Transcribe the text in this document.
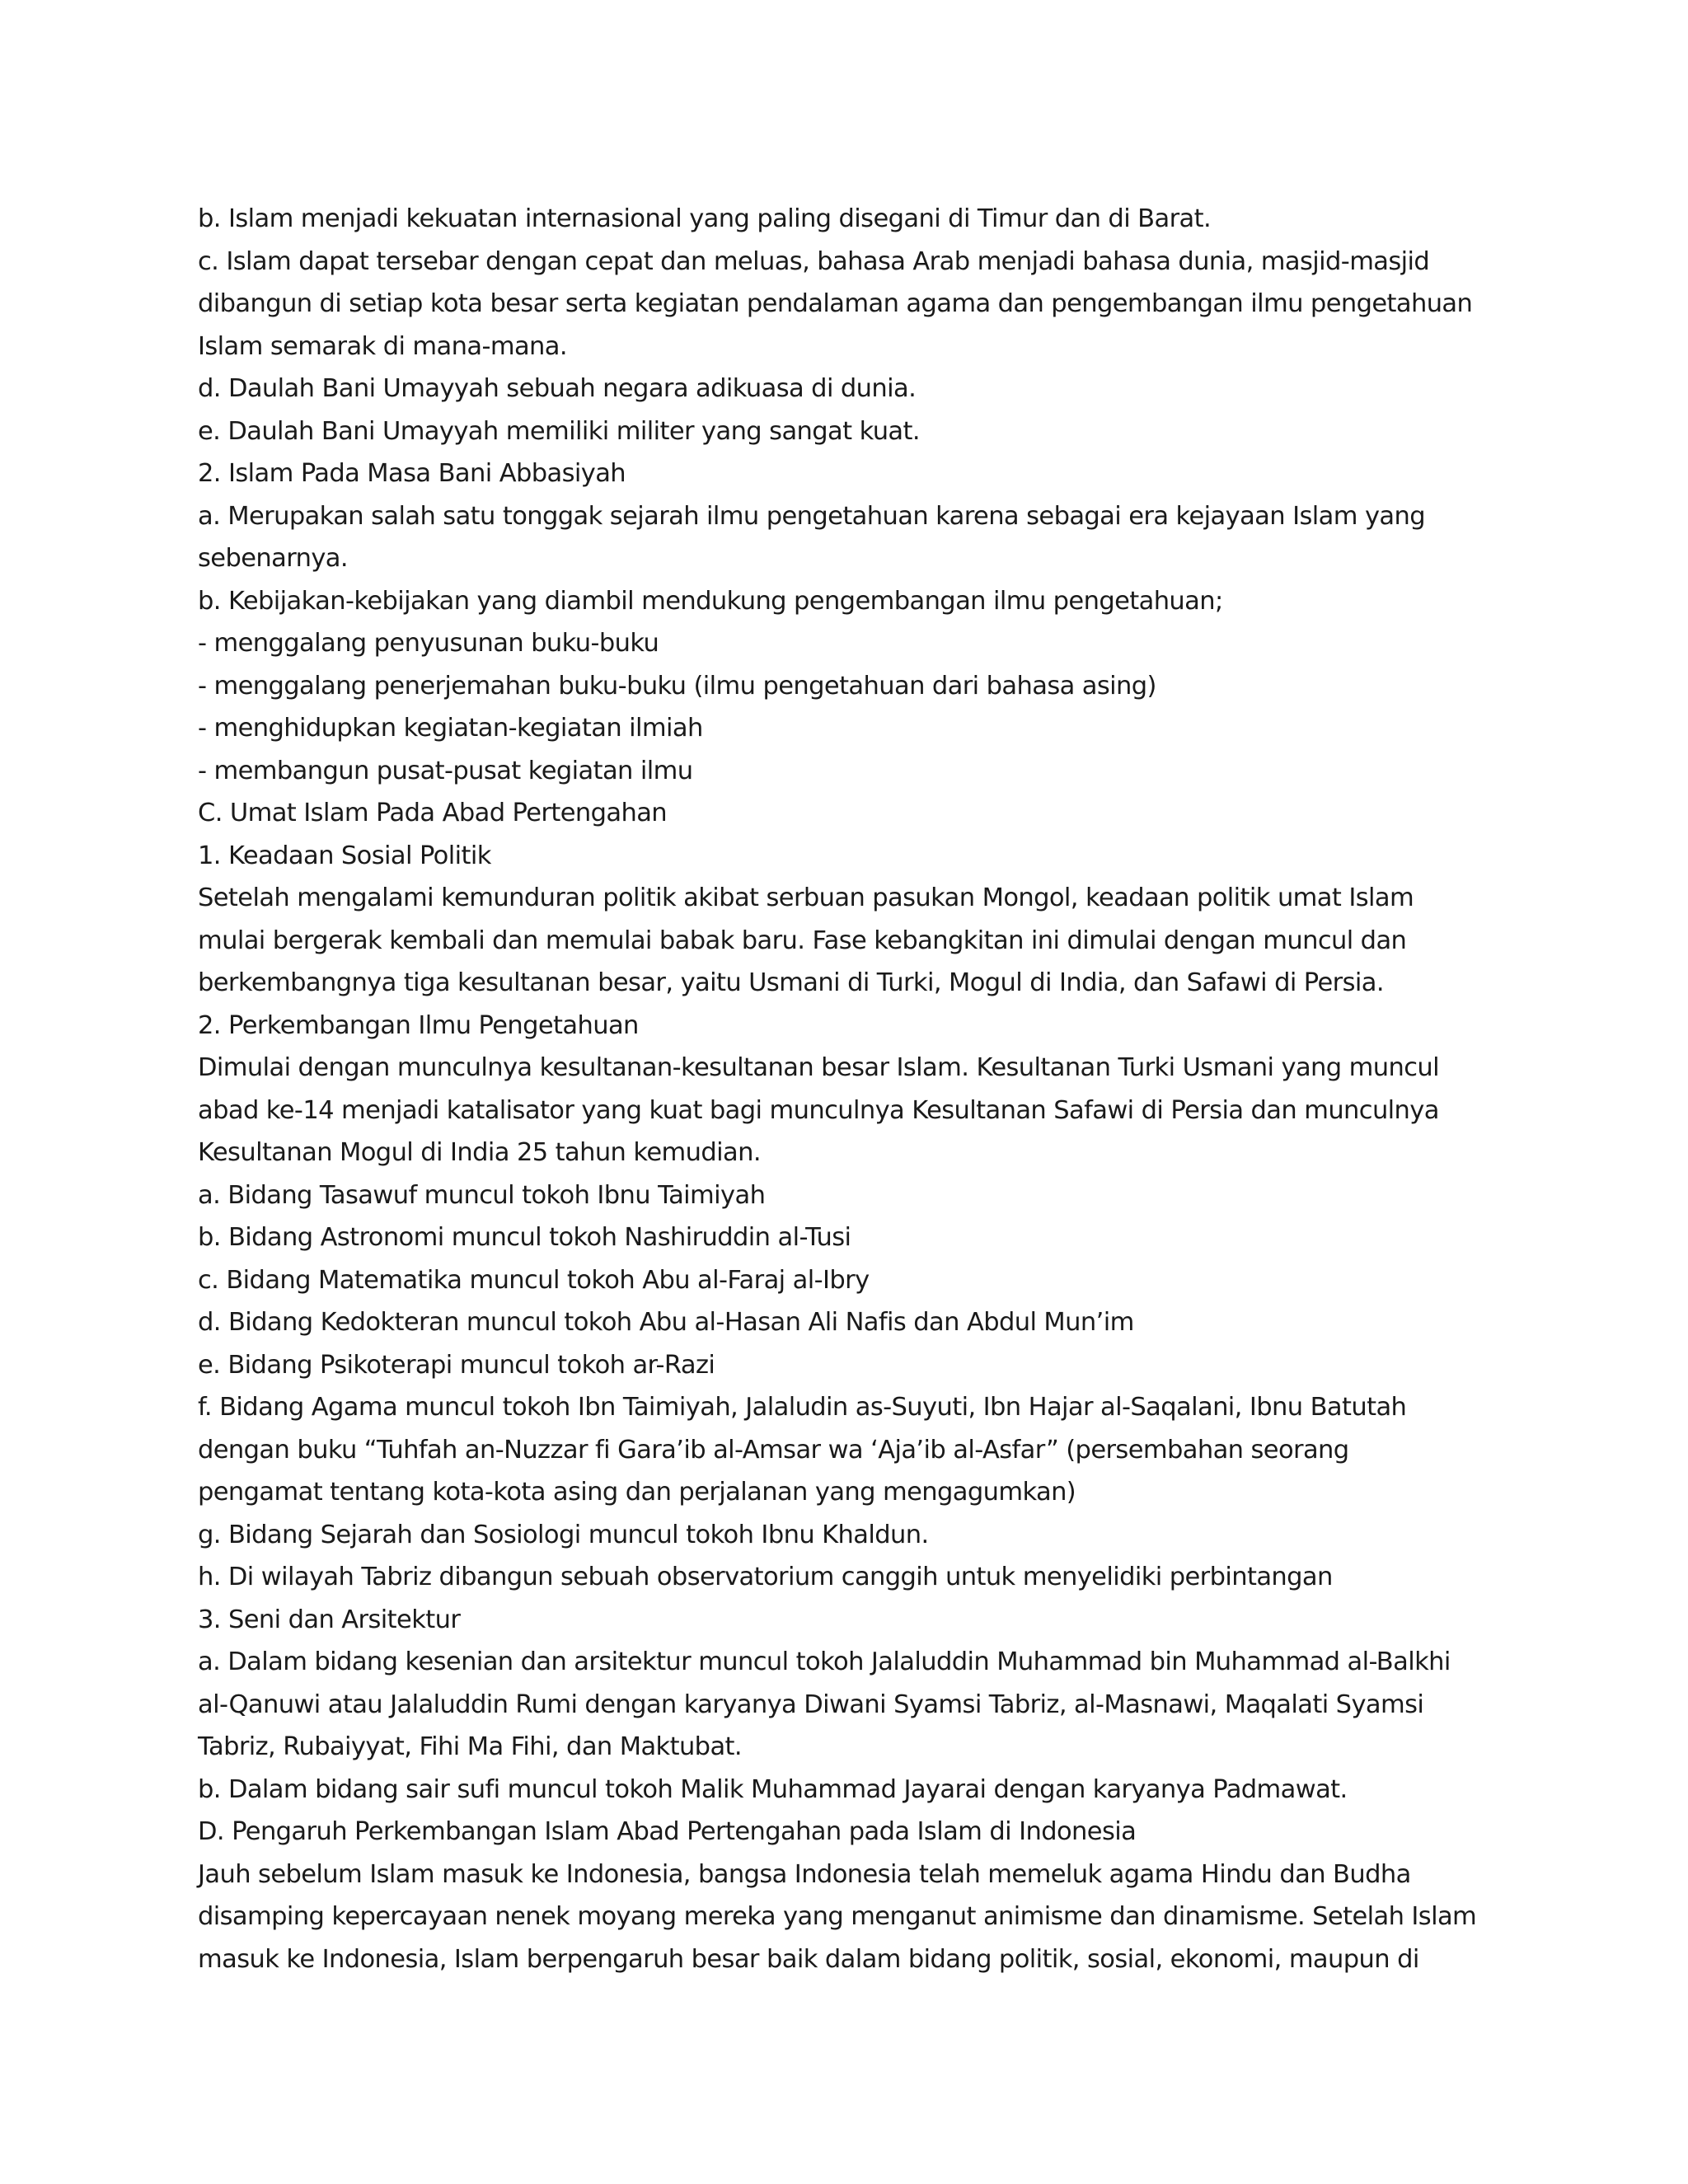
b. Islam menjadi kekuatan internasional yang paling disegani di Timur dan di Barat.
c. Islam dapat tersebar dengan cepat dan meluas, bahasa Arab menjadi bahasa dunia, masjid-masjid
dibangun di setiap kota besar serta kegiatan pendalaman agama dan pengembangan ilmu pengetahuan
Islam semarak di mana-mana.
d. Daulah Bani Umayyah sebuah negara adikuasa di dunia.
e. Daulah Bani Umayyah memiliki militer yang sangat kuat.
2. Islam Pada Masa Bani Abbasiyah
a. Merupakan salah satu tonggak sejarah ilmu pengetahuan karena sebagai era kejayaan Islam yang
sebenarnya.
b. Kebijakan-kebijakan yang diambil mendukung pengembangan ilmu pengetahuan;
- menggalang penyusunan buku-buku
- menggalang penerjemahan buku-buku (ilmu pengetahuan dari bahasa asing)
- menghidupkan kegiatan-kegiatan ilmiah
- membangun pusat-pusat kegiatan ilmu
C. Umat Islam Pada Abad Pertengahan
1. Keadaan Sosial Politik
Setelah mengalami kemunduran politik akibat serbuan pasukan Mongol, keadaan politik umat Islam
mulai bergerak kembali dan memulai babak baru. Fase kebangkitan ini dimulai dengan muncul dan
berkembangnya tiga kesultanan besar, yaitu Usmani di Turki, Mogul di India, dan Safawi di Persia.
2. Perkembangan Ilmu Pengetahuan
Dimulai dengan munculnya kesultanan-kesultanan besar Islam. Kesultanan Turki Usmani yang muncul
abad ke-14 menjadi katalisator yang kuat bagi munculnya Kesultanan Safawi di Persia dan munculnya
Kesultanan Mogul di India 25 tahun kemudian.
a. Bidang Tasawuf muncul tokoh Ibnu Taimiyah
b. Bidang Astronomi muncul tokoh Nashiruddin al-Tusi
c. Bidang Matematika muncul tokoh Abu al-Faraj al-Ibry
d. Bidang Kedokteran muncul tokoh Abu al-Hasan Ali Nafis dan Abdul Mun’im
e. Bidang Psikoterapi muncul tokoh ar-Razi
f. Bidang Agama muncul tokoh Ibn Taimiyah, Jalaludin as-Suyuti, Ibn Hajar al-Saqalani, Ibnu Batutah
dengan buku “Tuhfah an-Nuzzar fi Gara’ib al-Amsar wa ‘Aja’ib al-Asfar” (persembahan seorang
pengamat tentang kota-kota asing dan perjalanan yang mengagumkan)
g. Bidang Sejarah dan Sosiologi muncul tokoh Ibnu Khaldun.
h. Di wilayah Tabriz dibangun sebuah observatorium canggih untuk menyelidiki perbintangan
3. Seni dan Arsitektur
a. Dalam bidang kesenian dan arsitektur muncul tokoh Jalaluddin Muhammad bin Muhammad al-Balkhi
al-Qanuwi atau Jalaluddin Rumi dengan karyanya Diwani Syamsi Tabriz, al-Masnawi, Maqalati Syamsi
Tabriz, Rubaiyyat, Fihi Ma Fihi, dan Maktubat.
b. Dalam bidang sair sufi muncul tokoh Malik Muhammad Jayarai dengan karyanya Padmawat.
D. Pengaruh Perkembangan Islam Abad Pertengahan pada Islam di Indonesia
Jauh sebelum Islam masuk ke Indonesia, bangsa Indonesia telah memeluk agama Hindu dan Budha
disamping kepercayaan nenek moyang mereka yang menganut animisme dan dinamisme. Setelah Islam
masuk ke Indonesia, Islam berpengaruh besar baik dalam bidang politik, sosial, ekonomi, maupun di
